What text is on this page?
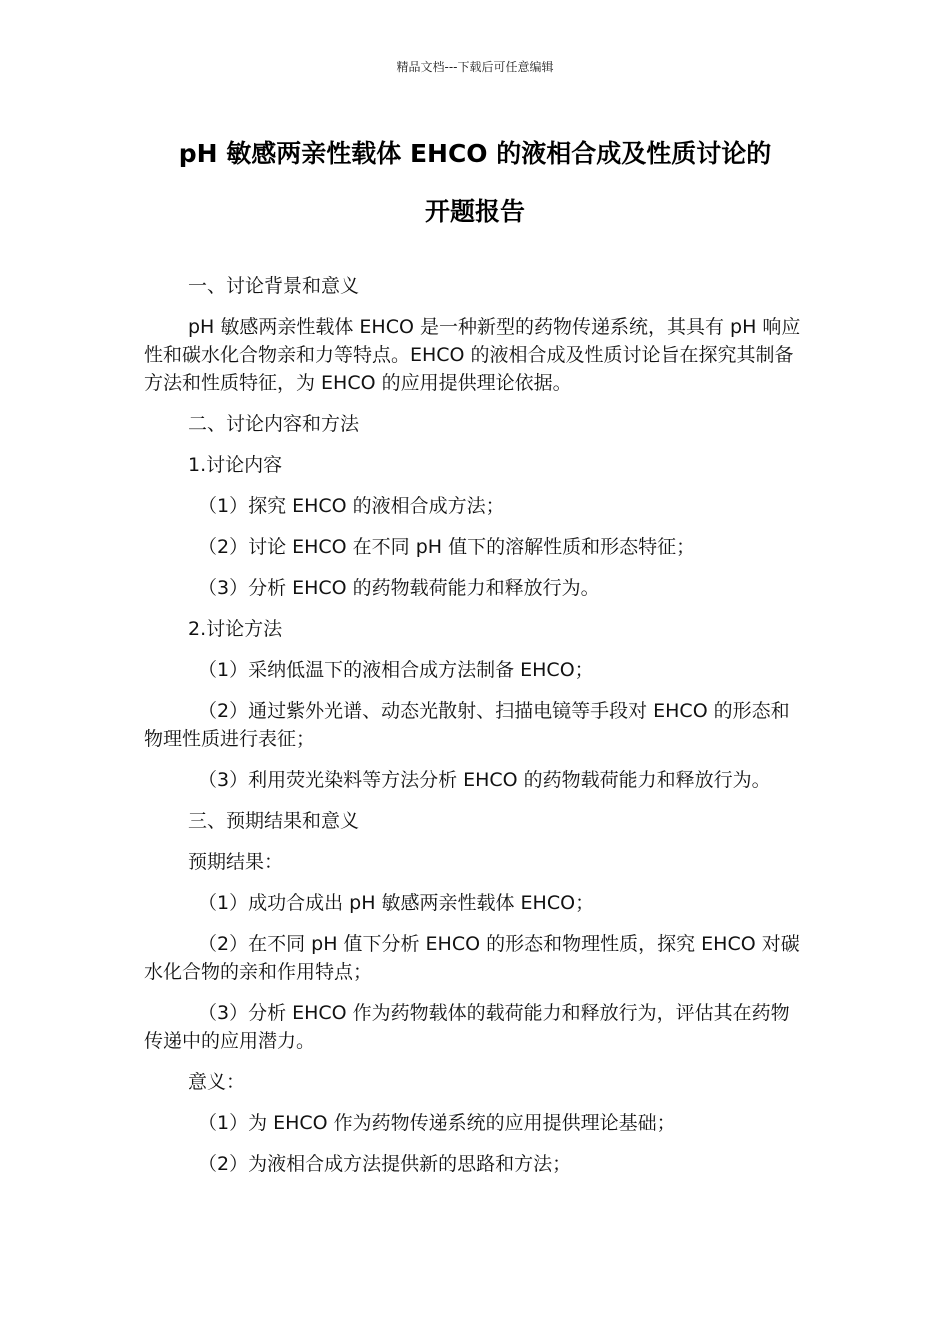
精品文档---下载后可任意编辑
pH 敏感两亲性载体 EHCO 的液相合成及性质讨论的
开题报告

一、讨论背景和意义

pH 敏感两亲性载体 EHCO 是一种新型的药物传递系统，其具有 pH 响应性和碳水化合物亲和力等特点。EHCO 的液相合成及性质讨论旨在探究其制备方法和性质特征，为 EHCO 的应用提供理论依据。

二、讨论内容和方法

1.讨论内容

（1）探究 EHCO 的液相合成方法；

（2）讨论 EHCO 在不同 pH 值下的溶解性质和形态特征；

（3）分析 EHCO 的药物载荷能力和释放行为。

2.讨论方法

（1）采纳低温下的液相合成方法制备 EHCO；

（2）通过紫外光谱、动态光散射、扫描电镜等手段对 EHCO 的形态和物理性质进行表征；

（3）利用荧光染料等方法分析 EHCO 的药物载荷能力和释放行为。

三、预期结果和意义

预期结果：

（1）成功合成出 pH 敏感两亲性载体 EHCO；

（2）在不同 pH 值下分析 EHCO 的形态和物理性质，探究 EHCO 对碳水化合物的亲和作用特点；

（3）分析 EHCO 作为药物载体的载荷能力和释放行为，评估其在药物传递中的应用潜力。

意义：

（1）为 EHCO 作为药物传递系统的应用提供理论基础；

（2）为液相合成方法提供新的思路和方法；
